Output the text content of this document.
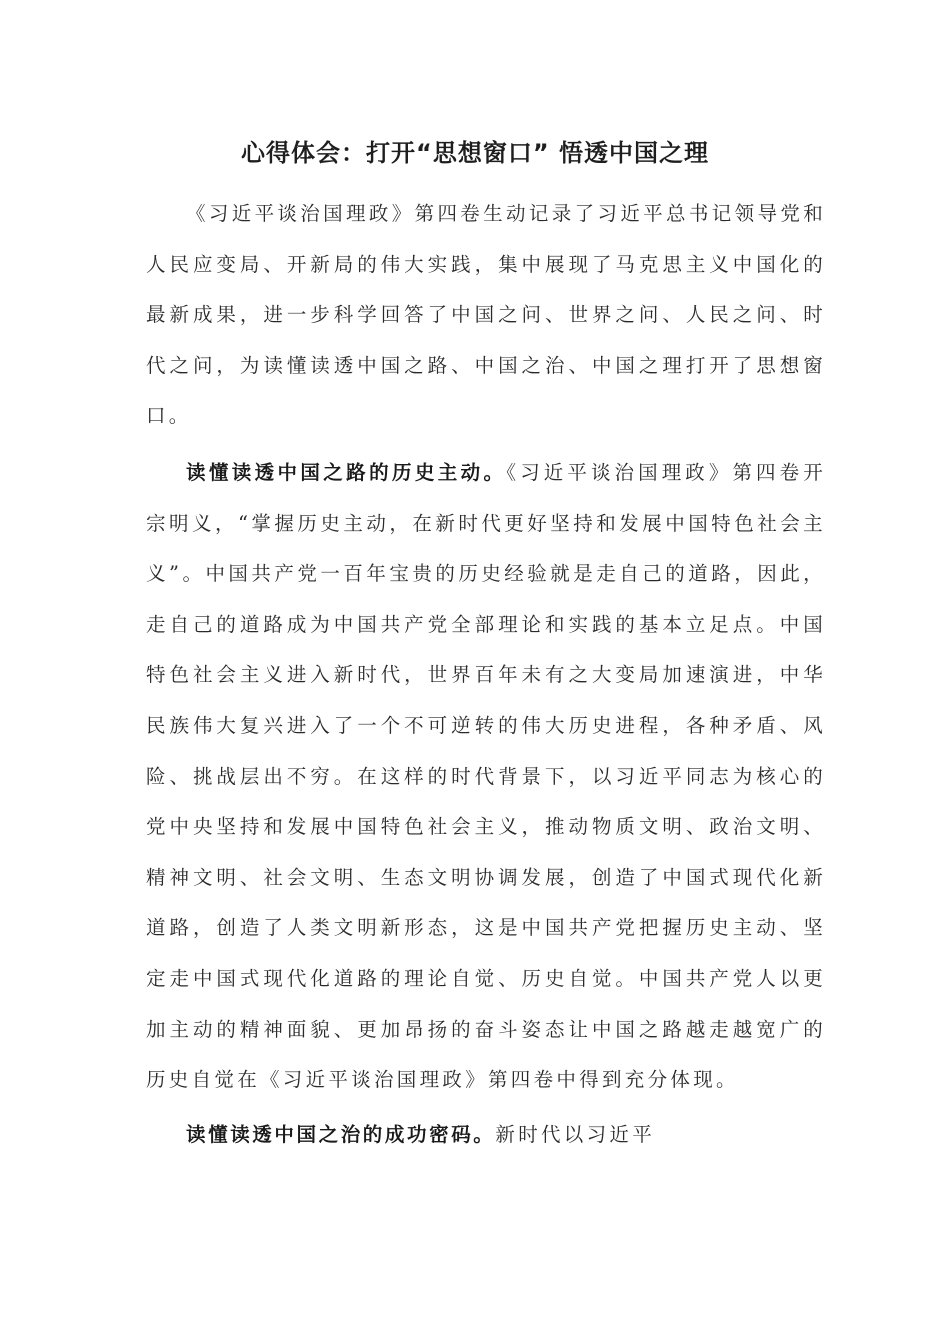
心得体会：打开“思想窗口” 悟透中国之理

《习近平谈治国理政》第四卷生动记录了习近平总书记领导党和人民应变局、开新局的伟大实践，集中展现了马克思主义中国化的最新成果，进一步科学回答了中国之问、世界之问、人民之问、时代之问，为读懂读透中国之路、中国之治、中国之理打开了思想窗口。

读懂读透中国之路的历史主动。《习近平谈治国理政》第四卷开宗明义，“掌握历史主动，在新时代更好坚持和发展中国特色社会主义”。中国共产党一百年宝贵的历史经验就是走自己的道路，因此，走自己的道路成为中国共产党全部理论和实践的基本立足点。中国特色社会主义进入新时代，世界百年未有之大变局加速演进，中华民族伟大复兴进入了一个不可逆转的伟大历史进程，各种矛盾、风险、挑战层出不穷。在这样的时代背景下，以习近平同志为核心的党中央坚持和发展中国特色社会主义，推动物质文明、政治文明、精神文明、社会文明、生态文明协调发展，创造了中国式现代化新道路，创造了人类文明新形态，这是中国共产党把握历史主动、坚定走中国式现代化道路的理论自觉、历史自觉。中国共产党人以更加主动的精神面貌、更加昂扬的奋斗姿态让中国之路越走越宽广的历史自觉在《习近平谈治国理政》第四卷中得到充分体现。

读懂读透中国之治的成功密码。新时代以习近平
